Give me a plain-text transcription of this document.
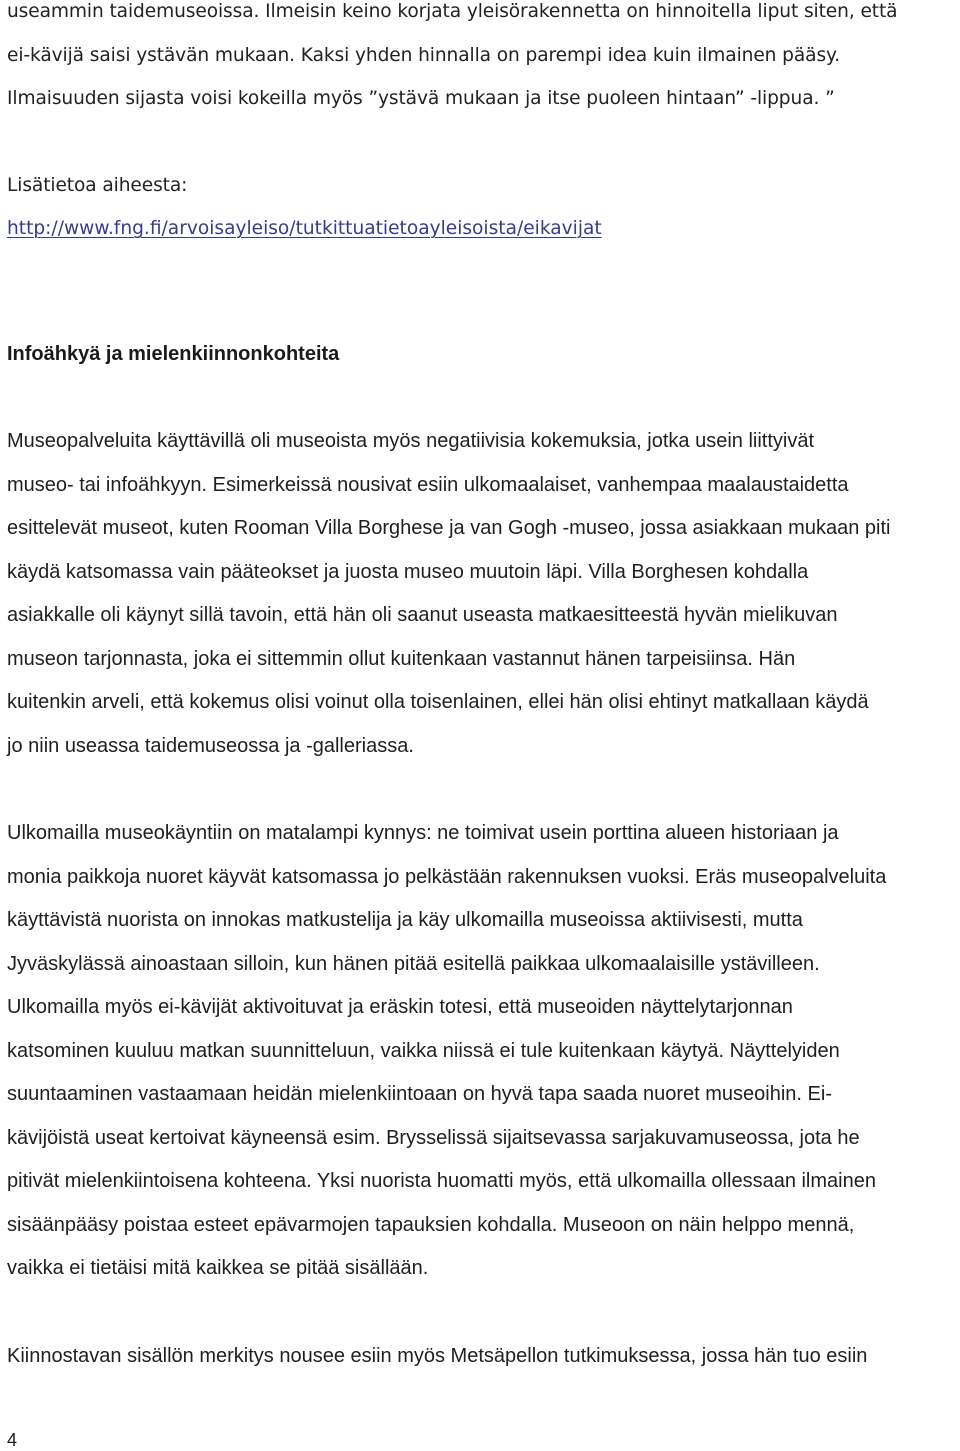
useammin taidemuseoissa. Ilmeisin keino korjata yleisörakennetta on hinnoitella liput siten, että
ei-kävijä saisi ystävän mukaan. Kaksi yhden hinnalla on parempi idea kuin ilmainen pääsy.
Ilmaisuuden sijasta voisi kokeilla myös ”ystävä mukaan ja itse puoleen hintaan” -lippua. ”
Lisätietoa aiheesta:
http://www.fng.fi/arvoisayleiso/tutkittuatietoayleisoista/eikavijat
Infoähkyä ja mielenkiinnonkohteita
Museopalveluita käyttävillä oli museoista myös negatiivisia kokemuksia, jotka usein liittyivät
museo- tai infoähkyyn. Esimerkeissä nousivat esiin ulkomaalaiset, vanhempaa maalaustaidetta
esittelevät museot, kuten Rooman Villa Borghese ja van Gogh -museo, jossa asiakkaan mukaan piti
käydä katsomassa vain pääteokset ja juosta museo muutoin läpi. Villa Borghesen kohdalla
asiakkalle oli käynyt sillä tavoin, että hän oli saanut useasta matkaesitteestä hyvän mielikuvan
museon tarjonnasta, joka ei sittemmin ollut kuitenkaan vastannut hänen tarpeisiinsa. Hän
kuitenkin arveli, että kokemus olisi voinut olla toisenlainen, ellei hän olisi ehtinyt matkallaan käydä
jo niin useassa taidemuseossa ja -galleriassa.
Ulkomailla museokäyntiin on matalampi kynnys: ne toimivat usein porttina alueen historiaan ja
monia paikkoja nuoret käyvät katsomassa jo pelkästään rakennuksen vuoksi. Eräs museopalveluita
käyttävistä nuorista on innokas matkustelija ja käy ulkomailla museoissa aktiivisesti, mutta
Jyväskylässä ainoastaan silloin, kun hänen pitää esitellä paikkaa ulkomaalaisille ystävilleen.
Ulkomailla myös ei-kävijät aktivoituvat ja eräskin totesi, että museoiden näyttelytarjonnan
katsominen kuuluu matkan suunnitteluun, vaikka niissä ei tule kuitenkaan käytyä. Näyttelyiden
suuntaaminen vastaamaan heidän mielenkiintoaan on hyvä tapa saada nuoret museoihin. Ei-
kävijöistä useat kertoivat käyneensä esim. Brysselissä sijaitsevassa sarjakuvamuseossa, jota he
pitivät mielenkiintoisena kohteena. Yksi nuorista huomatti myös, että ulkomailla ollessaan ilmainen
sisäänpääsy poistaa esteet epävarmojen tapauksien kohdalla. Museoon on näin helppo mennä,
vaikka ei tietäisi mitä kaikkea se pitää sisällään.
Kiinnostavan sisällön merkitys nousee esiin myös Metsäpellon tutkimuksessa, jossa hän tuo esiin
4
